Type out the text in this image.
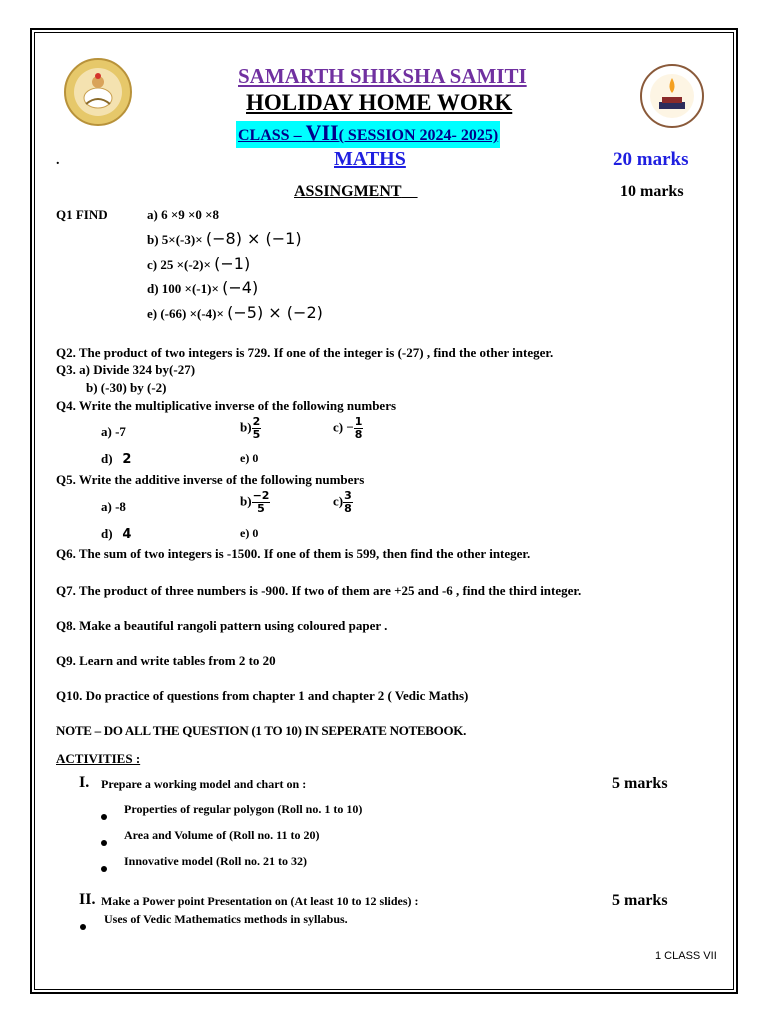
SAMARTH SHIKSHA SAMITI
HOLIDAY HOME WORK
CLASS – VII( SESSION 2024- 2025)
.	MATHS	20 marks
ASSINGMENT	10 marks
Q1 FIND	a) 6 ×9 ×0 ×8
b) 5×(-3)× (−8) × (−1)
c) 25 ×(-2)× (−1)
d) 100 ×(-1)× (−4)
e) (-66) ×(-4)× (−5) × (−2)
Q2. The product of two integers is 729. If one of the integer is (-27) , find the other integer.
Q3. a) Divide 324 by(-27)
b) (-30) by (-2)
Q4. Write the multiplicative inverse of the following numbers
a) -7	$b) \frac{2}{5}$	$c) - \frac{1}{8}$
d) 2	e) 0
Q5. Write the additive inverse of the following numbers
a) -8	$b) \frac{-2}{5}$	$c) \frac{3}{8}$
d) 4	e) 0
Q6. The sum of two integers is -1500. If one of them is 599, then find the other integer.
Q7. The product of three numbers is -900. If two of them are +25 and -6 , find the third integer.
Q8. Make a beautiful rangoli pattern using coloured paper .
Q9. Learn and write tables from 2 to 20
Q10. Do practice of questions from chapter 1 and chapter 2 ( Vedic Maths)
NOTE – DO ALL THE QUESTION (1 TO 10) IN SEPERATE NOTEBOOK.
ACTIVITIES :
I. Prepare a working model and chart on :	5 marks
Properties of regular polygon (Roll no. 1 to 10)
Area and Volume of (Roll no. 11 to 20)
Innovative model (Roll no. 21 to 32)
II. Make a Power point Presentation on (At least 10 to 12 slides) :	5 marks
Uses of Vedic Mathematics methods in syllabus.
1 CLASS VII
